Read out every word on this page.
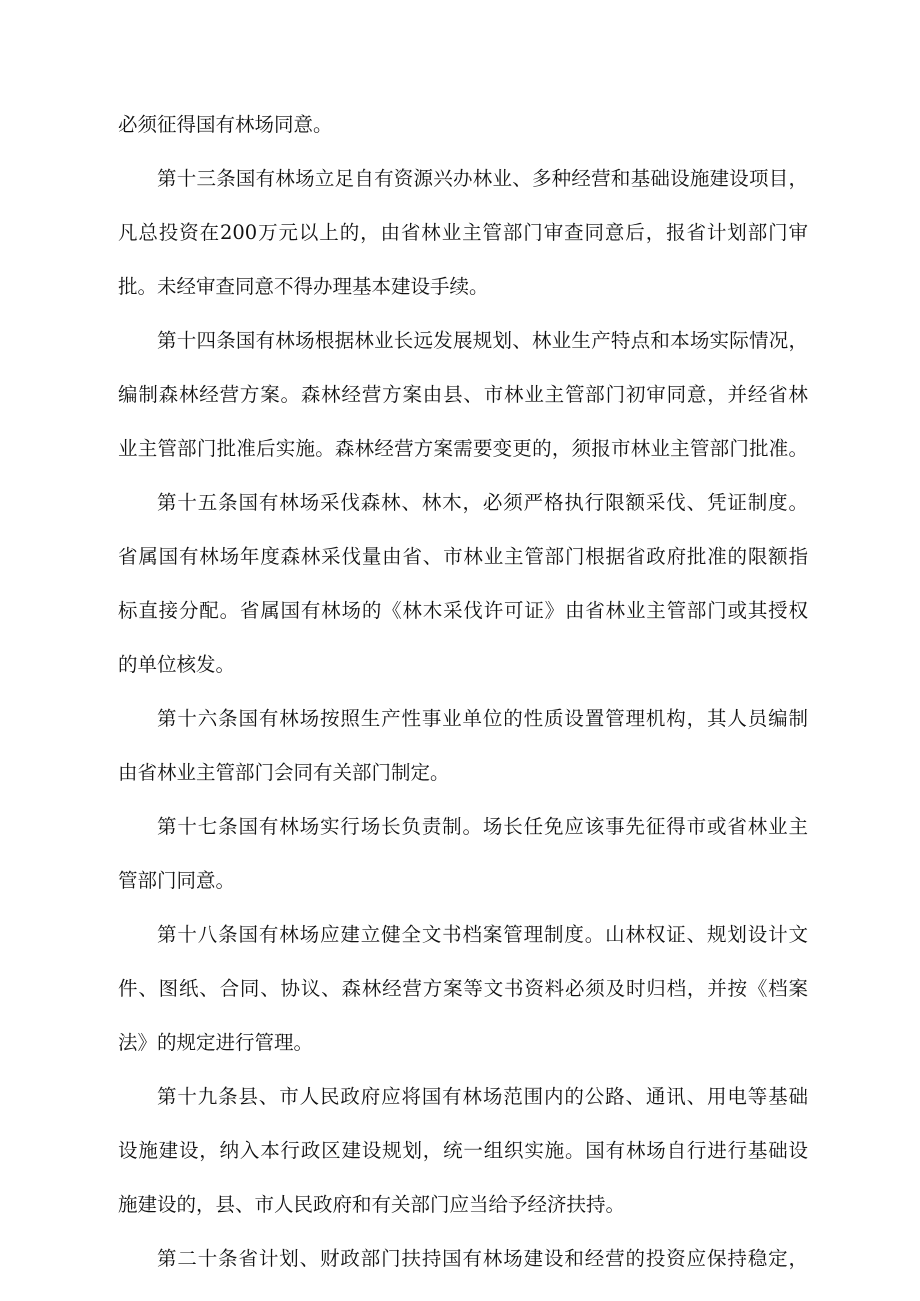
必须征得国有林场同意。
第十三条国有林场立足自有资源兴办林业、多种经营和基础设施建设项目，
凡总投资在200万元以上的，由省林业主管部门审查同意后，报省计划部门审
批。未经审查同意不得办理基本建设手续。
第十四条国有林场根据林业长远发展规划、林业生产特点和本场实际情况，
编制森林经营方案。森林经营方案由县、市林业主管部门初审同意，并经省林
业主管部门批准后实施。森林经营方案需要变更的，须报市林业主管部门批准。
第十五条国有林场采伐森林、林木，必须严格执行限额采伐、凭证制度。
省属国有林场年度森林采伐量由省、市林业主管部门根据省政府批准的限额指
标直接分配。省属国有林场的《林木采伐许可证》由省林业主管部门或其授权
的单位核发。
第十六条国有林场按照生产性事业单位的性质设置管理机构，其人员编制
由省林业主管部门会同有关部门制定。
第十七条国有林场实行场长负责制。场长任免应该事先征得市或省林业主
管部门同意。
第十八条国有林场应建立健全文书档案管理制度。山林权证、规划设计文
件、图纸、合同、协议、森林经营方案等文书资料必须及时归档，并按《档案
法》的规定进行管理。
第十九条县、市人民政府应将国有林场范围内的公路、通讯、用电等基础
设施建设，纳入本行政区建设规划，统一组织实施。国有林场自行进行基础设
施建设的，县、市人民政府和有关部门应当给予经济扶持。
第二十条省计划、财政部门扶持国有林场建设和经营的投资应保持稳定，
